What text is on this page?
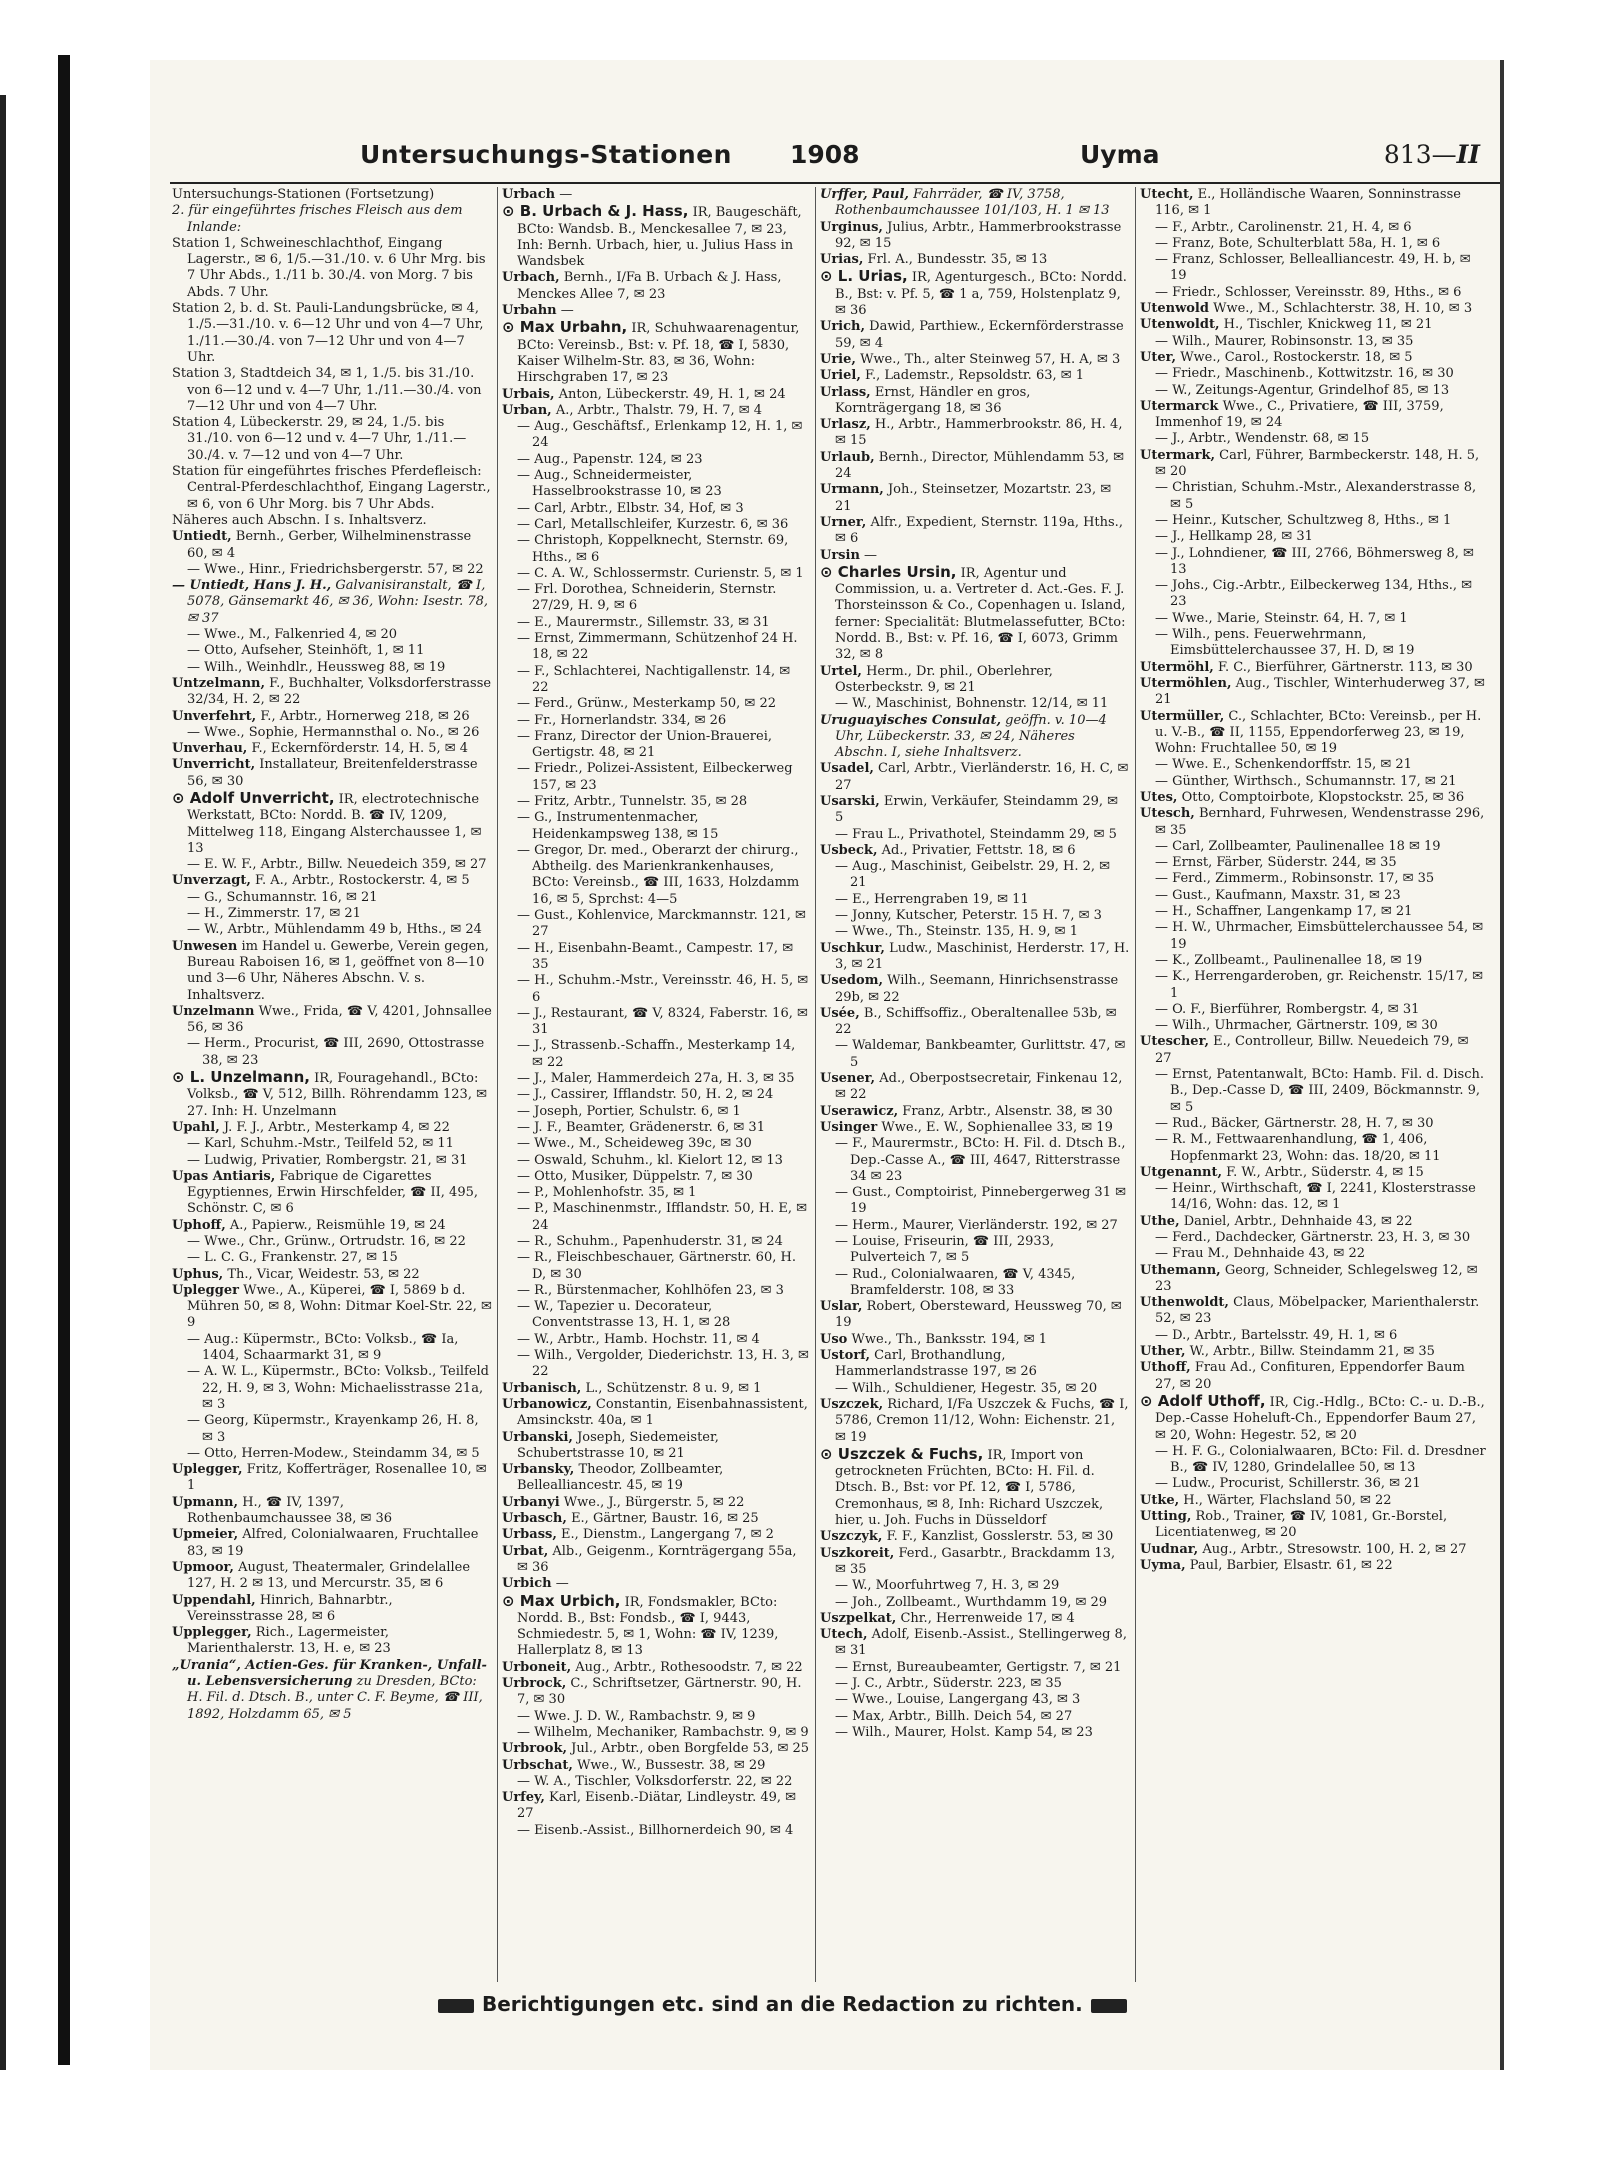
Untersuchungs-Stationen 1908	Uyma	813—II

Untersuchungs-Stationen (Fortsetzung)

2. für eingeführtes frisches Fleisch aus dem Inlande:

Station 1, Schweineschlachthof, Eingang Lagerstr., ✉ 6, 1/5.—31./10. v. 6 Uhr Mrg. bis 7 Uhr Abds., 1./11 b. 30./4. von Morg. 7 bis Abds. 7 Uhr.

Station 2, b. d. St. Pauli-Landungsbrücke, ✉ 4, 1./5.—31./10. v. 6—12 Uhr und von 4—7 Uhr, 1./11.—30./4. von 7—12 Uhr und von 4—7 Uhr.

Station 3, Stadtdeich 34, ✉ 1, 1./5. bis 31./10. von 6—12 und v. 4—7 Uhr, 1./11.—30./4. von 7—12 Uhr und von 4—7 Uhr.

Station 4, Lübeckerstr. 29, ✉ 24, 1./5. bis 31./10. von 6—12 und v. 4—7 Uhr, 1./11.—30./4. v. 7—12 und von 4—7 Uhr.

Station für eingeführtes frisches Pferdefleisch: Central-Pferdeschlachthof, Eingang Lagerstr., ✉ 6, von 6 Uhr Morg. bis 7 Uhr Abds.

Näheres auch Abschn. I s. Inhaltsverz.

Untiedt, Bernh., Gerber, Wilhelminenstrasse 60, ✉ 4

— Wwe., Hinr., Friedrichsbergerstr. 57, ✉ 22

— Untiedt, Hans J. H., Galvanisiranstalt, ☎ I, 5078, Gänsemarkt 46, ✉ 36, Wohn: Isestr. 78, ✉ 37

— Wwe., M., Falkenried 4, ✉ 20

— Otto, Aufseher, Steinhöft, 1, ✉ 11

— Wilh., Weinhdlr., Heussweg 88, ✉ 19

Untzelmann, F., Buchhalter, Volksdorferstrasse 32/34, H. 2, ✉ 22

Unverfehrt, F., Arbtr., Hornerweg 218, ✉ 26

— Wwe., Sophie, Hermannsthal o. No., ✉ 26

Unverhau, F., Eckernförderstr. 14, H. 5, ✉ 4

Unverricht, Installateur, Breitenfelderstrasse 56, ✉ 30

⊙ Adolf Unverricht, IR, electrotechnische Werkstatt, BCto: Nordd. B. ☎ IV, 1209, Mittelweg 118, Eingang Alsterchaussee 1, ✉ 13

— E. W. F., Arbtr., Billw. Neuedeich 359, ✉ 27

Unverzagt, F. A., Arbtr., Rostockerstr. 4, ✉ 5

— G., Schumannstr. 16, ✉ 21

— H., Zimmerstr. 17, ✉ 21

— W., Arbtr., Mühlendamm 49 b, Hths., ✉ 24

Unwesen im Handel u. Gewerbe, Verein gegen, Bureau Raboisen 16, ✉ 1, geöffnet von 8—10 und 3—6 Uhr, Näheres Abschn. V. s. Inhaltsverz.

Unzelmann Wwe., Frida, ☎ V, 4201, Johnsallee 56, ✉ 36

— Herm., Procurist, ☎ III, 2690, Ottostrasse 38, ✉ 23

⊙ L. Unzelmann, IR, Fouragehandl., BCto: Volksb., ☎ V, 512, Billh. Röhrendamm 123, ✉ 27. Inh: H. Unzelmann

Upahl, J. F. J., Arbtr., Mesterkamp 4, ✉ 22

— Karl, Schuhm.-Mstr., Teilfeld 52, ✉ 11

— Ludwig, Privatier, Rombergstr. 21, ✉ 31

Upas Antiaris, Fabrique de Cigarettes Egyptiennes, Erwin Hirschfelder, ☎ II, 495, Schönstr. C, ✉ 6

Uphoff, A., Papierw., Reismühle 19, ✉ 24

— Wwe., Chr., Grünw., Ortrudstr. 16, ✉ 22

— L. C. G., Frankenstr. 27, ✉ 15

Uphus, Th., Vicar, Weidestr. 53, ✉ 22

Uplegger Wwe., A., Küperei, ☎ I, 5869 b d. Mühren 50, ✉ 8, Wohn: Ditmar Koel-Str. 22, ✉ 9

— Aug.: Küpermstr., BCto: Volksb., ☎ Ia, 1404, Schaarmarkt 31, ✉ 9

— A. W. L., Küpermstr., BCto: Volksb., Teilfeld 22, H. 9, ✉ 3, Wohn: Michaelisstrasse 21a, ✉ 3

— Georg, Küpermstr., Krayenkamp 26, H. 8, ✉ 3

— Otto, Herren-Modew., Steindamm 34, ✉ 5

Uplegger, Fritz, Kofferträger, Rosenallee 10, ✉ 1

Upmann, H., ☎ IV, 1397, Rothenbaumchaussee 38, ✉ 36

Upmeier, Alfred, Colonialwaaren, Fruchtallee 83, ✉ 19

Upmoor, August, Theatermaler, Grindelallee 127, H. 2 ✉ 13, und Mercurstr. 35, ✉ 6

Uppendahl, Hinrich, Bahnarbtr., Vereinsstrasse 28, ✉ 6

Upplegger, Rich., Lagermeister, Marienthalerstr. 13, H. e, ✉ 23

„Urania“, Actien-Ges. für Kranken-, Unfall- u. Lebensversicherung zu Dresden, BCto: H. Fil. d. Dtsch. B., unter C. F. Beyme, ☎ III, 1892, Holzdamm 65, ✉ 5

Urbach —

⊙ B. Urbach & J. Hass, IR, Baugeschäft, BCto: Wandsb. B., Menckesallee 7, ✉ 23, Inh: Bernh. Urbach, hier, u. Julius Hass in Wandsbek

Urbach, Bernh., I/Fa B. Urbach & J. Hass, Menckes Allee 7, ✉ 23

Urbahn —

⊙ Max Urbahn, IR, Schuhwaarenagentur, BCto: Vereinsb., Bst: v. Pf. 18, ☎ I, 5830, Kaiser Wilhelm-Str. 83, ✉ 36, Wohn: Hirschgraben 17, ✉ 23

Urbais, Anton, Lübeckerstr. 49, H. 1, ✉ 24

Urban, A., Arbtr., Thalstr. 79, H. 7, ✉ 4

— Aug., Geschäftsf., Erlenkamp 12, H. 1, ✉ 24

— Aug., Papenstr. 124, ✉ 23

— Aug., Schneidermeister, Hasselbrookstrasse 10, ✉ 23

— Carl, Arbtr., Elbstr. 34, Hof, ✉ 3

— Carl, Metallschleifer, Kurzestr. 6, ✉ 36

— Christoph, Koppelknecht, Sternstr. 69, Hths., ✉ 6

— C. A. W., Schlossermstr. Curienstr. 5, ✉ 1

— Frl. Dorothea, Schneiderin, Sternstr. 27/29, H. 9, ✉ 6

— E., Maurermstr., Sillemstr. 33, ✉ 31

— Ernst, Zimmermann, Schützenhof 24 H. 18, ✉ 22

— F., Schlachterei, Nachtigallenstr. 14, ✉ 22

— Ferd., Grünw., Mesterkamp 50, ✉ 22

— Fr., Hornerlandstr. 334, ✉ 26

— Franz, Director der Union-Brauerei, Gertigstr. 48, ✉ 21

— Friedr., Polizei-Assistent, Eilbeckerweg 157, ✉ 23

— Fritz, Arbtr., Tunnelstr. 35, ✉ 28

— G., Instrumentenmacher, Heidenkampsweg 138, ✉ 15

— Gregor, Dr. med., Oberarzt der chirurg., Abtheilg. des Marienkrankenhauses, BCto: Vereinsb., ☎ III, 1633, Holzdamm 16, ✉ 5, Sprchst: 4—5

— Gust., Kohlenvice, Marckmannstr. 121, ✉ 27

— H., Eisenbahn-Beamt., Campestr. 17, ✉ 35

— H., Schuhm.-Mstr., Vereinsstr. 46, H. 5, ✉ 6

— J., Restaurant, ☎ V, 8324, Faberstr. 16, ✉ 31

— J., Strassenb.-Schaffn., Mesterkamp 14, ✉ 22

— J., Maler, Hammerdeich 27a, H. 3, ✉ 35

— J., Cassirer, Ifflandstr. 50, H. 2, ✉ 24

— Joseph, Portier, Schulstr. 6, ✉ 1

— J. F., Beamter, Grädenerstr. 6, ✉ 31

— Wwe., M., Scheideweg 39c, ✉ 30

— Oswald, Schuhm., kl. Kielort 12, ✉ 13

— Otto, Musiker, Düppelstr. 7, ✉ 30

— P., Mohlenhofstr. 35, ✉ 1

— P., Maschinenmstr., Ifflandstr. 50, H. E, ✉ 24

— R., Schuhm., Papenhuderstr. 31, ✉ 24

— R., Fleischbeschauer, Gärtnerstr. 60, H. D, ✉ 30

— R., Bürstenmacher, Kohlhöfen 23, ✉ 3

— W., Tapezier u. Decorateur, Conventstrasse 13, H. 1, ✉ 28

— W., Arbtr., Hamb. Hochstr. 11, ✉ 4

— Wilh., Vergolder, Diederichstr. 13, H. 3, ✉ 22

Urbanisch, L., Schützenstr. 8 u. 9, ✉ 1

Urbanowicz, Constantin, Eisenbahnassistent, Amsinckstr. 40a, ✉ 1

Urbanski, Joseph, Siedemeister, Schubertstrasse 10, ✉ 21

Urbansky, Theodor, Zollbeamter, Bellealliancestr. 45, ✉ 19

Urbanyi Wwe., J., Bürgerstr. 5, ✉ 22

Urbasch, E., Gärtner, Baustr. 16, ✉ 25

Urbass, E., Dienstm., Langergang 7, ✉ 2

Urbat, Alb., Geigenm., Kornträgergang 55a, ✉ 36

Urbich —

⊙ Max Urbich, IR, Fondsmakler, BCto: Nordd. B., Bst: Fondsb., ☎ I, 9443, Schmiedestr. 5, ✉ 1, Wohn: ☎ IV, 1239, Hallerplatz 8, ✉ 13

Urboneit, Aug., Arbtr., Rothesoodstr. 7, ✉ 22

Urbrock, C., Schriftsetzer, Gärtnerstr. 90, H. 7, ✉ 30

— Wwe. J. D. W., Rambachstr. 9, ✉ 9

— Wilhelm, Mechaniker, Rambachstr. 9, ✉ 9

Urbrook, Jul., Arbtr., oben Borgfelde 53, ✉ 25

Urbschat, Wwe., W., Bussestr. 38, ✉ 29

— W. A., Tischler, Volksdorferstr. 22, ✉ 22

Urfey, Karl, Eisenb.-Diätar, Lindleystr. 49, ✉ 27

— Eisenb.-Assist., Billhornerdeich 90, ✉ 4

Urffer, Paul, Fahrräder, ☎ IV, 3758, Rothenbaumchaussee 101/103, H. 1 ✉ 13

Urginus, Julius, Arbtr., Hammerbrookstrasse 92, ✉ 15

Urias, Frl. A., Bundesstr. 35, ✉ 13

⊙ L. Urias, IR, Agenturgesch., BCto: Nordd. B., Bst: v. Pf. 5, ☎ 1 a, 759, Holstenplatz 9, ✉ 36

Urich, Dawid, Parthiew., Eckernförderstrasse 59, ✉ 4

Urie, Wwe., Th., alter Steinweg 57, H. A, ✉ 3

Uriel, F., Lademstr., Repsoldstr. 63, ✉ 1

Urlass, Ernst, Händler en gros, Kornträgergang 18, ✉ 36

Urlasz, H., Arbtr., Hammerbrookstr. 86, H. 4, ✉ 15

Urlaub, Bernh., Director, Mühlendamm 53, ✉ 24

Urmann, Joh., Steinsetzer, Mozartstr. 23, ✉ 21

Urner, Alfr., Expedient, Sternstr. 119a, Hths., ✉ 6

Ursin —

⊙ Charles Ursin, IR, Agentur und Commission, u. a. Vertreter d. Act.-Ges. F. J. Thorsteinsson & Co., Copenhagen u. Island, ferner: Specialität: Blutmelassefutter, BCto: Nordd. B., Bst: v. Pf. 16, ☎ I, 6073, Grimm 32, ✉ 8

Urtel, Herm., Dr. phil., Oberlehrer, Osterbeckstr. 9, ✉ 21

— W., Maschinist, Bohnenstr. 12/14, ✉ 11

Uruguayisches Consulat, geöffn. v. 10—4 Uhr, Lübeckerstr. 33, ✉ 24, Näheres Abschn. I, siehe Inhaltsverz.

Usadel, Carl, Arbtr., Vierländerstr. 16, H. C, ✉ 27

Usarski, Erwin, Verkäufer, Steindamm 29, ✉ 5

— Frau L., Privathotel, Steindamm 29, ✉ 5

Usbeck, Ad., Privatier, Fettstr. 18, ✉ 6

— Aug., Maschinist, Geibelstr. 29, H. 2, ✉ 21

— E., Herrengraben 19, ✉ 11

— Jonny, Kutscher, Peterstr. 15 H. 7, ✉ 3

— Wwe., Th., Steinstr. 135, H. 9, ✉ 1

Uschkur, Ludw., Maschinist, Herderstr. 17, H. 3, ✉ 21

Usedom, Wilh., Seemann, Hinrichsenstrasse 29b, ✉ 22

Usée, B., Schiffsoffiz., Oberaltenallee 53b, ✉ 22

— Waldemar, Bankbeamter, Gurlittstr. 47, ✉ 5

Usener, Ad., Oberpostsecretair, Finkenau 12, ✉ 22

Userawicz, Franz, Arbtr., Alsenstr. 38, ✉ 30

Usinger Wwe., E. W., Sophienallee 33, ✉ 19

— F., Maurermstr., BCto: H. Fil. d. Dtsch B., Dep.-Casse A., ☎ III, 4647, Ritterstrasse 34 ✉ 23

— Gust., Comptoirist, Pinnebergerweg 31 ✉ 19

— Herm., Maurer, Vierländerstr. 192, ✉ 27

— Louise, Friseurin, ☎ III, 2933, Pulverteich 7, ✉ 5

— Rud., Colonialwaaren, ☎ V, 4345, Bramfelderstr. 108, ✉ 33

Uslar, Robert, Obersteward, Heussweg 70, ✉ 19

Uso Wwe., Th., Banksstr. 194, ✉ 1

Ustorf, Carl, Brothandlung, Hammerlandstrasse 197, ✉ 26

— Wilh., Schuldiener, Hegestr. 35, ✉ 20

Uszczek, Richard, I/Fa Uszczek & Fuchs, ☎ I, 5786, Cremon 11/12, Wohn: Eichenstr. 21, ✉ 19

⊙ Uszczek & Fuchs, IR, Import von getrockneten Früchten, BCto: H. Fil. d. Dtsch. B., Bst: vor Pf. 12, ☎ I, 5786, Cremonhaus, ✉ 8, Inh: Richard Uszczek, hier, u. Joh. Fuchs in Düsseldorf

Uszczyk, F. F., Kanzlist, Gosslerstr. 53, ✉ 30

Uszkoreit, Ferd., Gasarbtr., Brackdamm 13, ✉ 35

— W., Moorfuhrtweg 7, H. 3, ✉ 29

— Joh., Zollbeamt., Wurthdamm 19, ✉ 29

Uszpelkat, Chr., Herrenweide 17, ✉ 4

Utech, Adolf, Eisenb.-Assist., Stellingerweg 8, ✉ 31

— Ernst, Bureaubeamter, Gertigstr. 7, ✉ 21

— J. C., Arbtr., Süderstr. 223, ✉ 35

— Wwe., Louise, Langergang 43, ✉ 3

— Max, Arbtr., Billh. Deich 54, ✉ 27

— Wilh., Maurer, Holst. Kamp 54, ✉ 23

Utecht, E., Holländische Waaren, Sonninstrasse 116, ✉ 1

— F., Arbtr., Carolinenstr. 21, H. 4, ✉ 6

— Franz, Bote, Schulterblatt 58a, H. 1, ✉ 6

— Franz, Schlosser, Bellealliancestr. 49, H. b, ✉ 19

— Friedr., Schlosser, Vereinsstr. 89, Hths., ✉ 6

Utenwold Wwe., M., Schlachterstr. 38, H. 10, ✉ 3

Utenwoldt, H., Tischler, Knickweg 11, ✉ 21

— Wilh., Maurer, Robinsonstr. 13, ✉ 35

Uter, Wwe., Carol., Rostockerstr. 18, ✉ 5

— Friedr., Maschinenb., Kottwitzstr. 16, ✉ 30

— W., Zeitungs-Agentur, Grindelhof 85, ✉ 13

Utermarck Wwe., C., Privatiere, ☎ III, 3759, Immenhof 19, ✉ 24

— J., Arbtr., Wendenstr. 68, ✉ 15

Utermark, Carl, Führer, Barmbeckerstr. 148, H. 5, ✉ 20

— Christian, Schuhm.-Mstr., Alexanderstrasse 8, ✉ 5

— Heinr., Kutscher, Schultzweg 8, Hths., ✉ 1

— J., Hellkamp 28, ✉ 31

— J., Lohndiener, ☎ III, 2766, Böhmersweg 8, ✉ 13

— Johs., Cig.-Arbtr., Eilbeckerweg 134, Hths., ✉ 23

— Wwe., Marie, Steinstr. 64, H. 7, ✉ 1

— Wilh., pens. Feuerwehrmann, Eimsbüttelerchaussee 37, H. D, ✉ 19

Utermöhl, F. C., Bierführer, Gärtnerstr. 113, ✉ 30

Utermöhlen, Aug., Tischler, Winterhuderweg 37, ✉ 21

Utermüller, C., Schlachter, BCto: Vereinsb., per H. u. V.-B., ☎ II, 1155, Eppendorferweg 23, ✉ 19, Wohn: Fruchtallee 50, ✉ 19

— Wwe. E., Schenkendorffstr. 15, ✉ 21

— Günther, Wirthsch., Schumannstr. 17, ✉ 21

Utes, Otto, Comptoirbote, Klopstockstr. 25, ✉ 36

Utesch, Bernhard, Fuhrwesen, Wendenstrasse 296, ✉ 35

— Carl, Zollbeamter, Paulinenallee 18 ✉ 19

— Ernst, Färber, Süderstr. 244, ✉ 35

— Ferd., Zimmerm., Robinsonstr. 17, ✉ 35

— Gust., Kaufmann, Maxstr. 31, ✉ 23

— H., Schaffner, Langenkamp 17, ✉ 21

— H. W., Uhrmacher, Eimsbüttelerchaussee 54, ✉ 19

— K., Zollbeamt., Paulinenallee 18, ✉ 19

— K., Herrengarderoben, gr. Reichenstr. 15/17, ✉ 1

— O. F., Bierführer, Rombergstr. 4, ✉ 31

— Wilh., Uhrmacher, Gärtnerstr. 109, ✉ 30

Utescher, E., Controlleur, Billw. Neuedeich 79, ✉ 27

— Ernst, Patentanwalt, BCto: Hamb. Fil. d. Disch. B., Dep.-Casse D, ☎ III, 2409, Böckmannstr. 9, ✉ 5

— Rud., Bäcker, Gärtnerstr. 28, H. 7, ✉ 30

— R. M., Fettwaarenhandlung, ☎ 1, 406, Hopfenmarkt 23, Wohn: das. 18/20, ✉ 11

Utgenannt, F. W., Arbtr., Süderstr. 4, ✉ 15

— Heinr., Wirthschaft, ☎ I, 2241, Klosterstrasse 14/16, Wohn: das. 12, ✉ 1

Uthe, Daniel, Arbtr., Dehnhaide 43, ✉ 22

— Ferd., Dachdecker, Gärtnerstr. 23, H. 3, ✉ 30

— Frau M., Dehnhaide 43, ✉ 22

Uthemann, Georg, Schneider, Schlegelsweg 12, ✉ 23

Uthenwoldt, Claus, Möbelpacker, Marienthalerstr. 52, ✉ 23

— D., Arbtr., Bartelsstr. 49, H. 1, ✉ 6

Uther, W., Arbtr., Billw. Steindamm 21, ✉ 35

Uthoff, Frau Ad., Confituren, Eppendorfer Baum 27, ✉ 20

⊙ Adolf Uthoff, IR, Cig.-Hdlg., BCto: C.- u. D.-B., Dep.-Casse Hoheluft-Ch., Eppendorfer Baum 27, ✉ 20, Wohn: Hegestr. 52, ✉ 20

— H. F. G., Colonialwaaren, BCto: Fil. d. Dresdner B., ☎ IV, 1280, Grindelallee 50, ✉ 13

— Ludw., Procurist, Schillerstr. 36, ✉ 21

Utke, H., Wärter, Flachsland 50, ✉ 22

Utting, Rob., Trainer, ☎ IV, 1081, Gr.-Borstel, Licentiatenweg, ✉ 20

Uudnar, Aug., Arbtr., Stresowstr. 100, H. 2, ✉ 27

Uyma, Paul, Barbier, Elsastr. 61, ✉ 22

Berichtigungen etc. sind an die Redaction zu richten.
